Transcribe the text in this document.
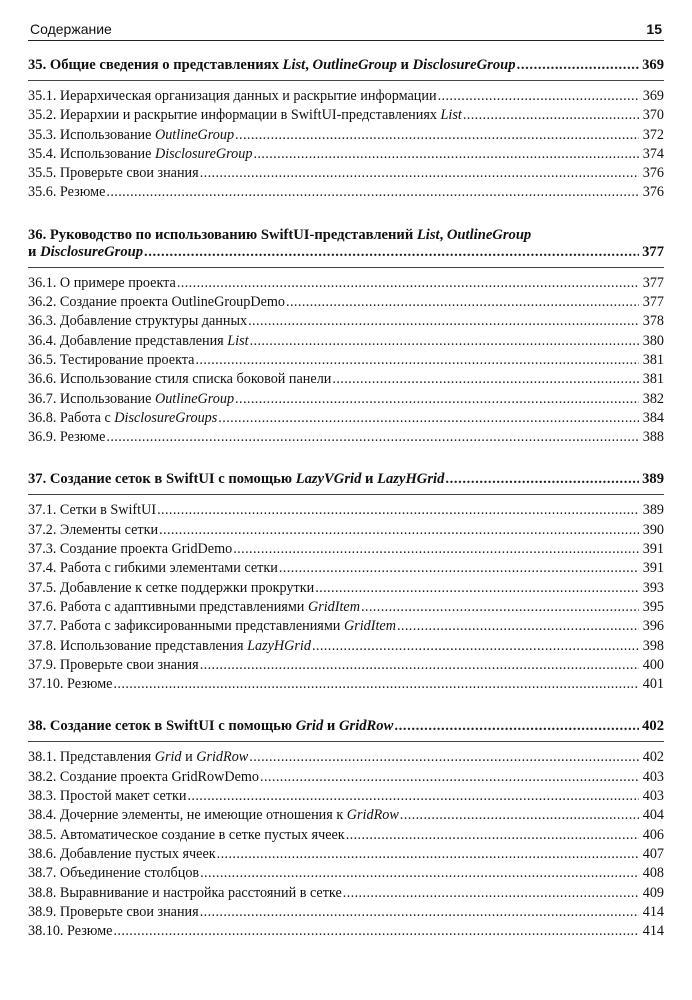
Содержание	15
35. Общие сведения о представлениях List, OutlineGroup и DisclosureGroup .....	369
35.1. Иерархическая организация данных и раскрытие информации .....	369
35.2. Иерархии и раскрытие информации в SwiftUI-представлениях List .....	370
35.3. Использование OutlineGroup .....	372
35.4. Использование DisclosureGroup .....	374
35.5. Проверьте свои знания .....	376
35.6. Резюме .....	376
36. Руководство по использованию SwiftUI-представлений List, OutlineGroup
и DisclosureGroup .....	377
36.1. О примере проекта .....	377
36.2. Создание проекта OutlineGroupDemo .....	377
36.3. Добавление структуры данных .....	378
36.4. Добавление представления List .....	380
36.5. Тестирование проекта .....	381
36.6. Использование стиля списка боковой панели .....	381
36.7. Использование OutlineGroup .....	382
36.8. Работа с DisclosureGroups .....	384
36.9. Резюме .....	388
37. Создание сеток в SwiftUI с помощью LazyVGrid и LazyHGrid .....	389
37.1. Сетки в SwiftUI .....	389
37.2. Элементы сетки .....	390
37.3. Создание проекта GridDemo .....	391
37.4. Работа с гибкими элементами сетки .....	391
37.5. Добавление к сетке поддержки прокрутки .....	393
37.6. Работа с адаптивными представлениями GridItem .....	395
37.7. Работа с зафиксированными представлениями GridItem .....	396
37.8. Использование представления LazyHGrid .....	398
37.9. Проверьте свои знания .....	400
37.10. Резюме .....	401
38. Создание сеток в SwiftUI с помощью Grid и GridRow .....	402
38.1. Представления Grid и GridRow .....	402
38.2. Создание проекта GridRowDemo .....	403
38.3. Простой макет сетки .....	403
38.4. Дочерние элементы, не имеющие отношения к GridRow .....	404
38.5. Автоматическое создание в сетке пустых ячеек .....	406
38.6. Добавление пустых ячеек .....	407
38.7. Объединение столбцов .....	408
38.8. Выравнивание и настройка расстояний в сетке .....	409
38.9. Проверьте свои знания .....	414
38.10. Резюме .....	414
